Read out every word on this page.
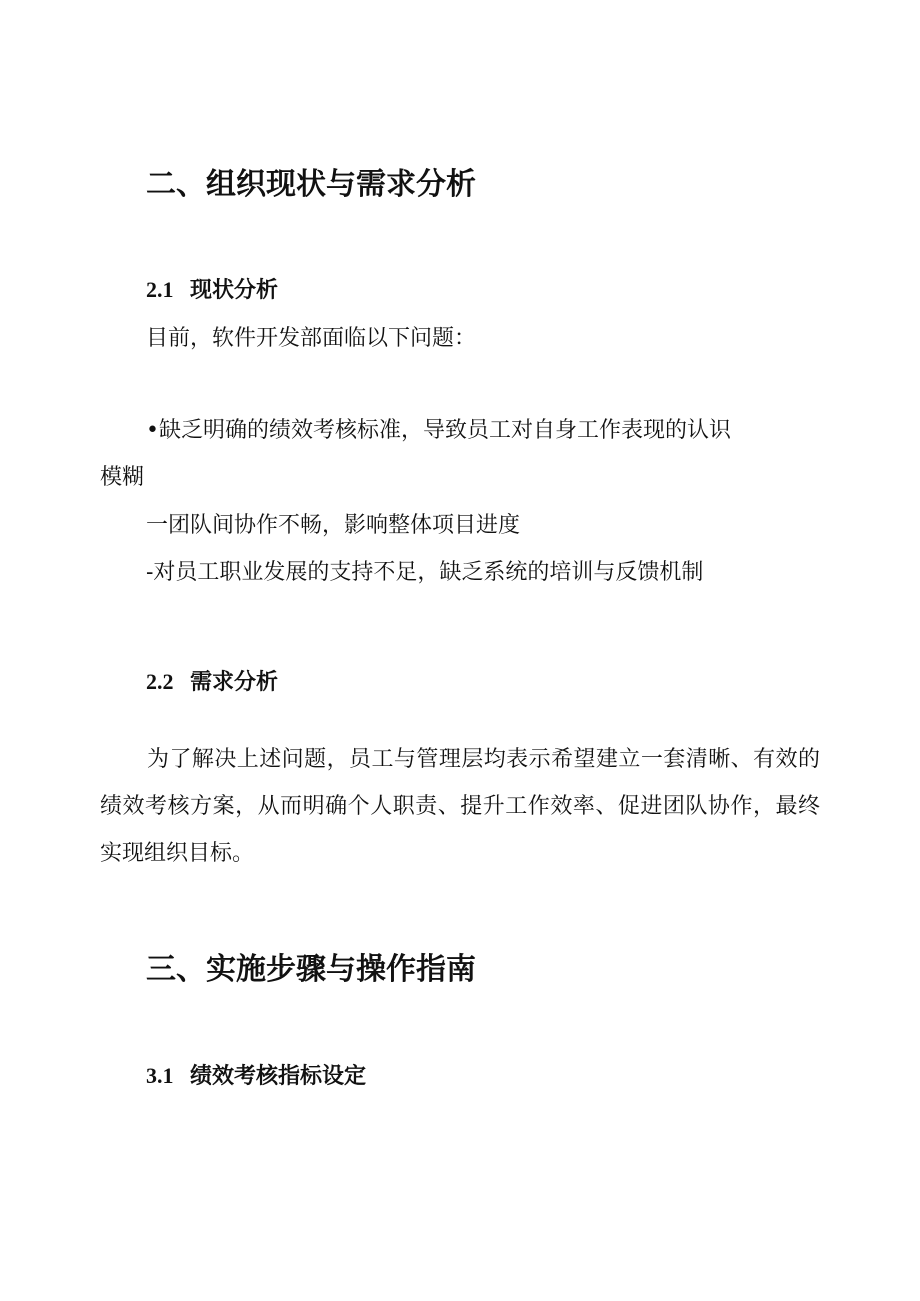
二、组织现状与需求分析
2.1 现状分析
目前，软件开发部面临以下问题：
•缺乏明确的绩效考核标准，导致员工对自身工作表现的认识
模糊
一团队间协作不畅，影响整体项目进度
-对员工职业发展的支持不足，缺乏系统的培训与反馈机制
2.2 需求分析
为了解决上述问题，员工与管理层均表示希望建立一套清晰、有效的绩效考核方案，从而明确个人职责、提升工作效率、促进团队协作，最终实现组织目标。
三、实施步骤与操作指南
3.1 绩效考核指标设定
